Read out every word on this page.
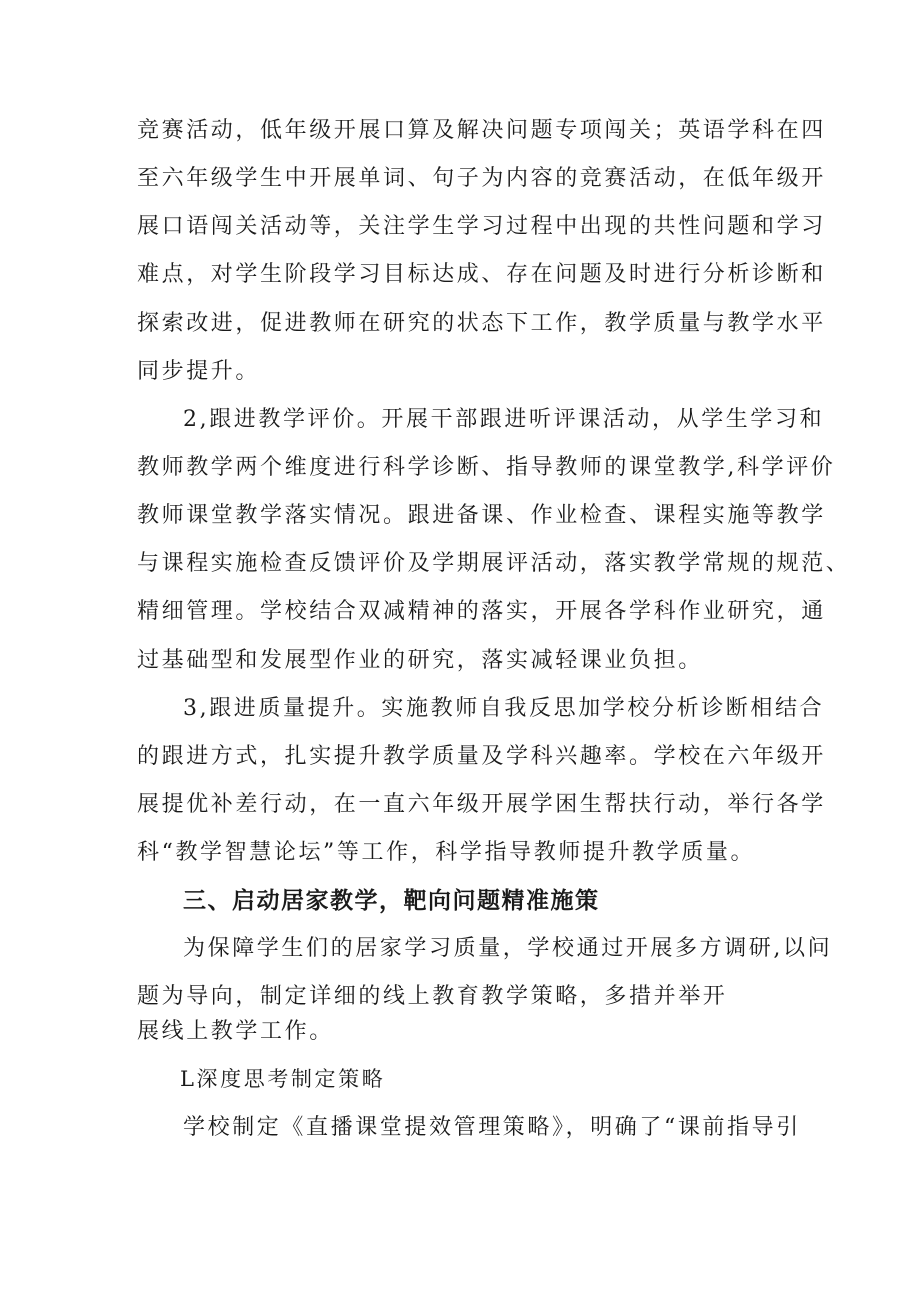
竞赛活动，低年级开展口算及解决问题专项闯关；英语学科在四
至六年级学生中开展单词、句子为内容的竞赛活动，在低年级开
展口语闯关活动等，关注学生学习过程中出现的共性问题和学习
难点，对学生阶段学习目标达成、存在问题及时进行分析诊断和
探索改进，促进教师在研究的状态下工作，教学质量与教学水平
同步提升。
2,跟进教学评价。开展干部跟进听评课活动，从学生学习和
教师教学两个维度进行科学诊断、指导教师的课堂教学,科学评价
教师课堂教学落实情况。跟进备课、作业检查、课程实施等教学
与课程实施检查反馈评价及学期展评活动，落实教学常规的规范、
精细管理。学校结合双减精神的落实，开展各学科作业研究，通
过基础型和发展型作业的研究，落实减轻课业负担。
3,跟进质量提升。实施教师自我反思加学校分析诊断相结合
的跟进方式，扎实提升教学质量及学科兴趣率。学校在六年级开
展提优补差行动，在一直六年级开展学困生帮扶行动，举行各学
科“教学智慧论坛”等工作，科学指导教师提升教学质量。
三、启动居家教学，靶向问题精准施策
为保障学生们的居家学习质量，学校通过开展多方调研,以问
题为导向，制定详细的线上教育教学策略，多措并举开
展线上教学工作。
L深度思考制定策略
学校制定《直播课堂提效管理策略》，明确了“课前指导引
